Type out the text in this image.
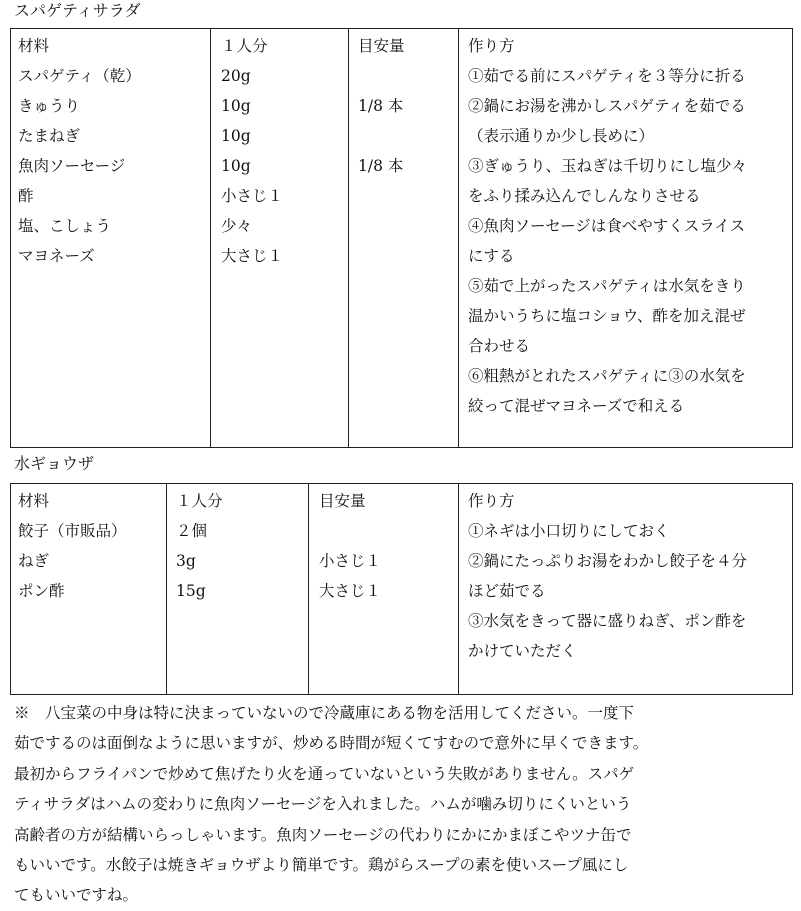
スパゲティサラダ
材料
スパゲティ（乾）
きゅうり
たまねぎ
魚肉ソーセージ
酢
塩、こしょう
マヨネーズ
１人分
20g
10g
10g
10g
小さじ１
少々
大さじ１
目安量
1/8 本
1/8 本
作り方
①茹でる前にスパゲティを３等分に折る
②鍋にお湯を沸かしスパゲティを茹でる
（表示通りか少し長めに）
③ぎゅうり、玉ねぎは千切りにし塩少々
をふり揉み込んでしんなりさせる
④魚肉ソーセージは食べやすくスライス
にする
⑤茹で上がったスパゲティは水気をきり
温かいうちに塩コショウ、酢を加え混ぜ
合わせる
⑥粗熱がとれたスパゲティに③の水気を
絞って混ぜマヨネーズで和える
水ギョウザ
材料
餃子（市販品）
ねぎ
ポン酢
１人分
２個
3g
15g
目安量
小さじ１
大さじ１
作り方
①ネギは小口切りにしておく
②鍋にたっぷりお湯をわかし餃子を４分
ほど茹でる
③水気をきって器に盛りねぎ、ポン酢を
かけていただく
※　八宝菜の中身は特に決まっていないので冷蔵庫にある物を活用してください。一度下
茹でするのは面倒なように思いますが、炒める時間が短くてすむので意外に早くできます。
最初からフライパンで炒めて焦げたり火を通っていないという失敗がありません。スパゲ
ティサラダはハムの変わりに魚肉ソーセージを入れました。ハムが噛み切りにくいという
高齢者の方が結構いらっしゃいます。魚肉ソーセージの代わりにかにかまぼこやツナ缶で
もいいです。水餃子は焼きギョウザより簡単です。鶏がらスープの素を使いスープ風にし
てもいいですね。
